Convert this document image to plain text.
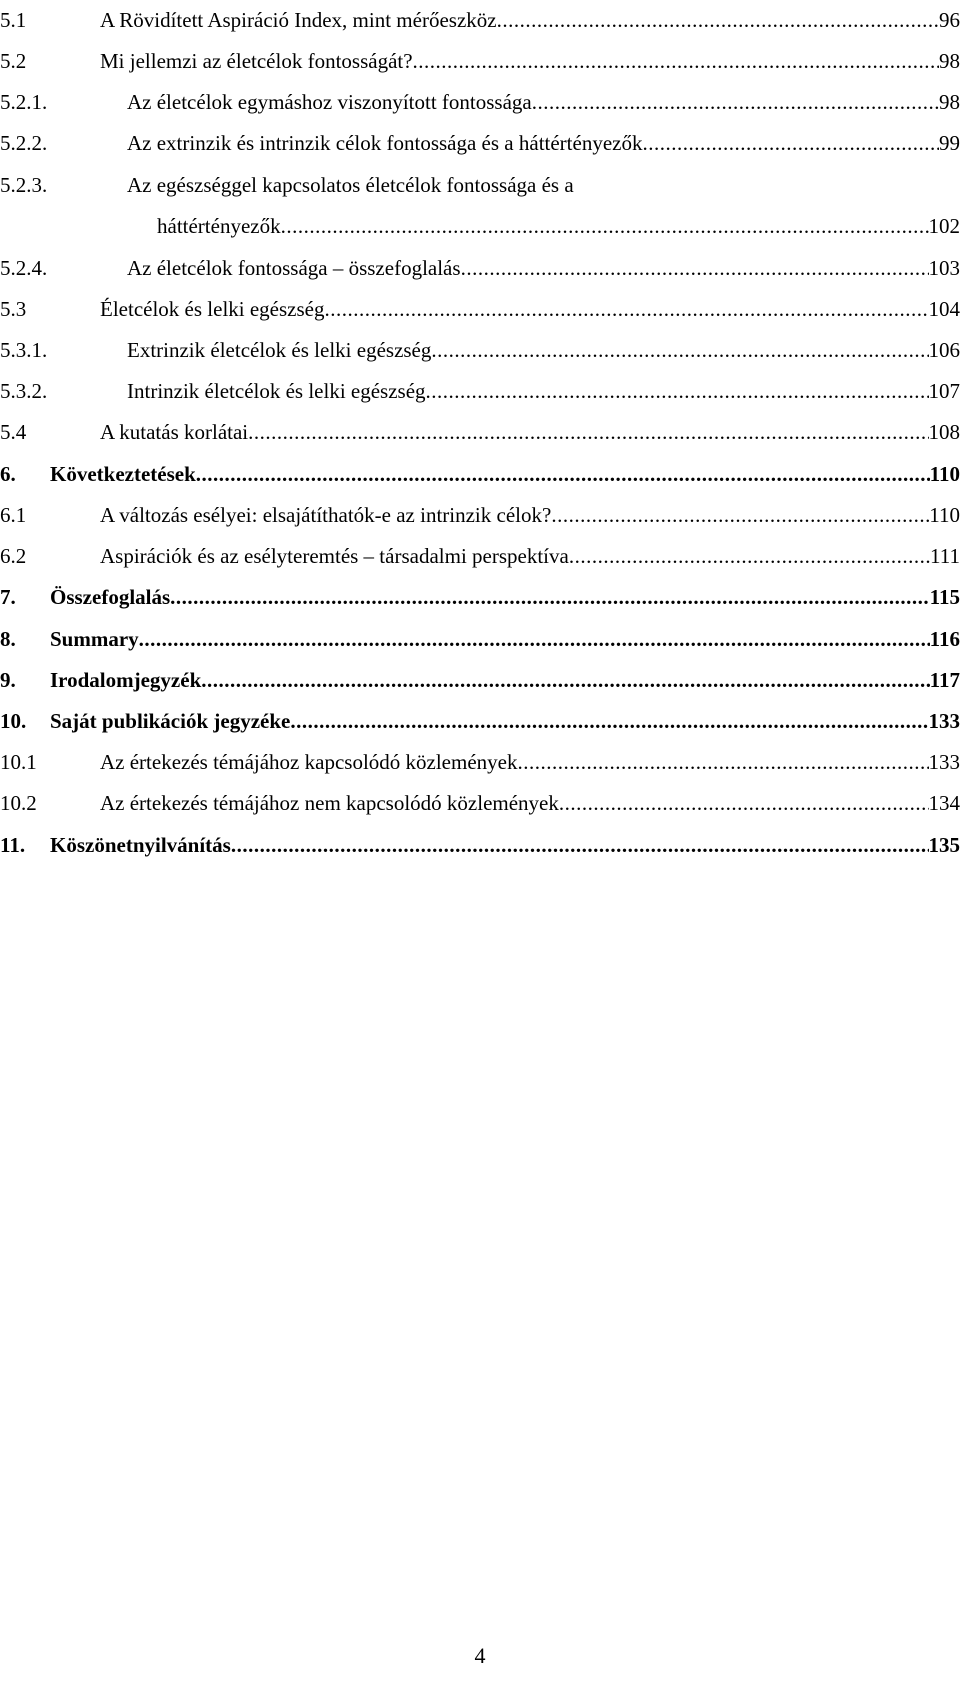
5.1	A Rövidített Aspiráció Index, mint mérőeszköz .....	96
5.2	Mi jellemzi az életcélok fontosságát? .....	98
5.2.1.	Az életcélok egymáshoz viszonyított fontossága .....	98
5.2.2.	Az extrinzik és intrinzik célok fontossága és a háttértényezők .....	99
5.2.3.	Az egészséggel kapcsolatos életcélok fontossága és a
háttértényezők .....	102
5.2.4.	Az életcélok fontossága – összefoglalás .....	103
5.3	Életcélok és lelki egészség .....	104
5.3.1.	Extrinzik életcélok és lelki egészség .....	106
5.3.2.	Intrinzik életcélok és lelki egészség .....	107
5.4	A kutatás korlátai .....	108
6. Következtetések .....	110
6.1	A változás esélyei: elsajátíthatók-e az intrinzik célok? .....	110
6.2	Aspirációk és az esélyteremtés – társadalmi perspektíva .....	111
7. Összefoglalás .....	115
8. Summary .....	116
9. Irodalomjegyzék .....	117
10. Saját publikációk jegyzéke .....	133
10.1	Az értekezés témájához kapcsolódó közlemények .....	133
10.2	Az értekezés témájához nem kapcsolódó közlemények .....	134
11. Köszönetnyilvánítás .....	135
4
